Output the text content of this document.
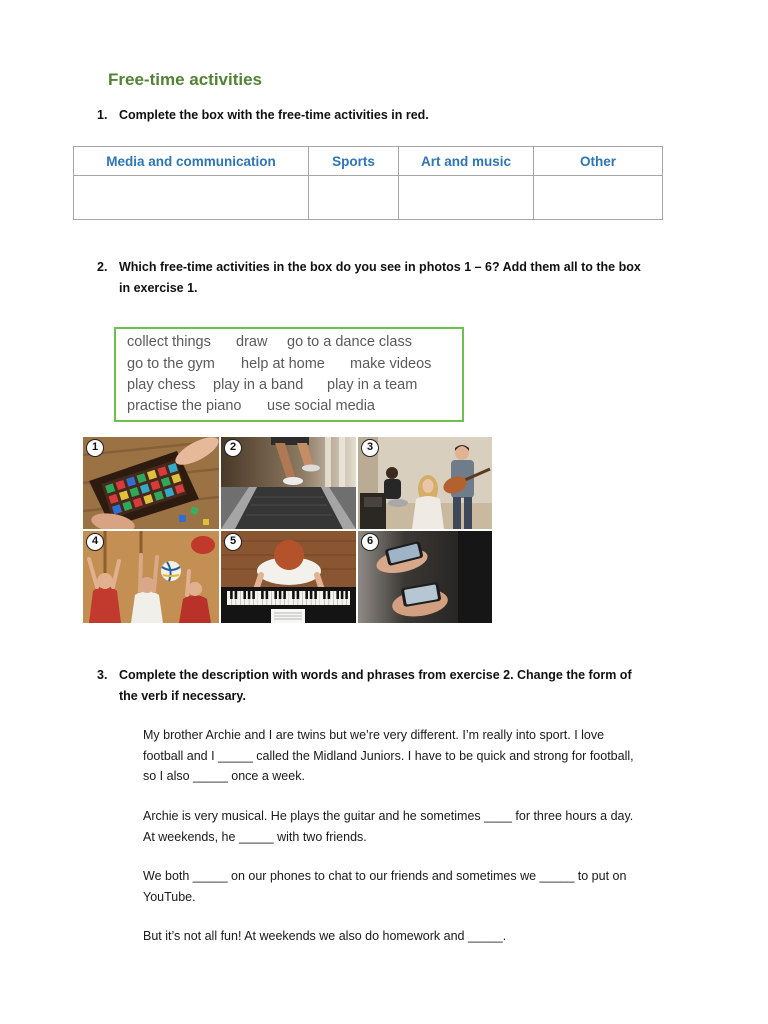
Free-time activities
1. Complete the box with the free-time activities in red.
Media and communication	Sports	Art and music	Other

2. Which free-time activities in the box do you see in photos 1 – 6? Add them all to the box
in exercise 1.
collect things draw go to a dance class
go to the gym help at home make videos
play chess play in a band play in a team
practise the piano use social media
1	2	3
4	5	6
3. Complete the description with words and phrases from exercise 2. Change the form of
the verb if necessary.
My brother Archie and I are twins but we’re very different. I’m really into sport. I love
football and I _____ called the Midland Juniors. I have to be quick and strong for football,
so I also _____ once a week.
Archie is very musical. He plays the guitar and he sometimes ____ for three hours a day.
At weekends, he _____ with two friends.
We both _____ on our phones to chat to our friends and sometimes we _____ to put on
YouTube.
But it’s not all fun! At weekends we also do homework and _____.
